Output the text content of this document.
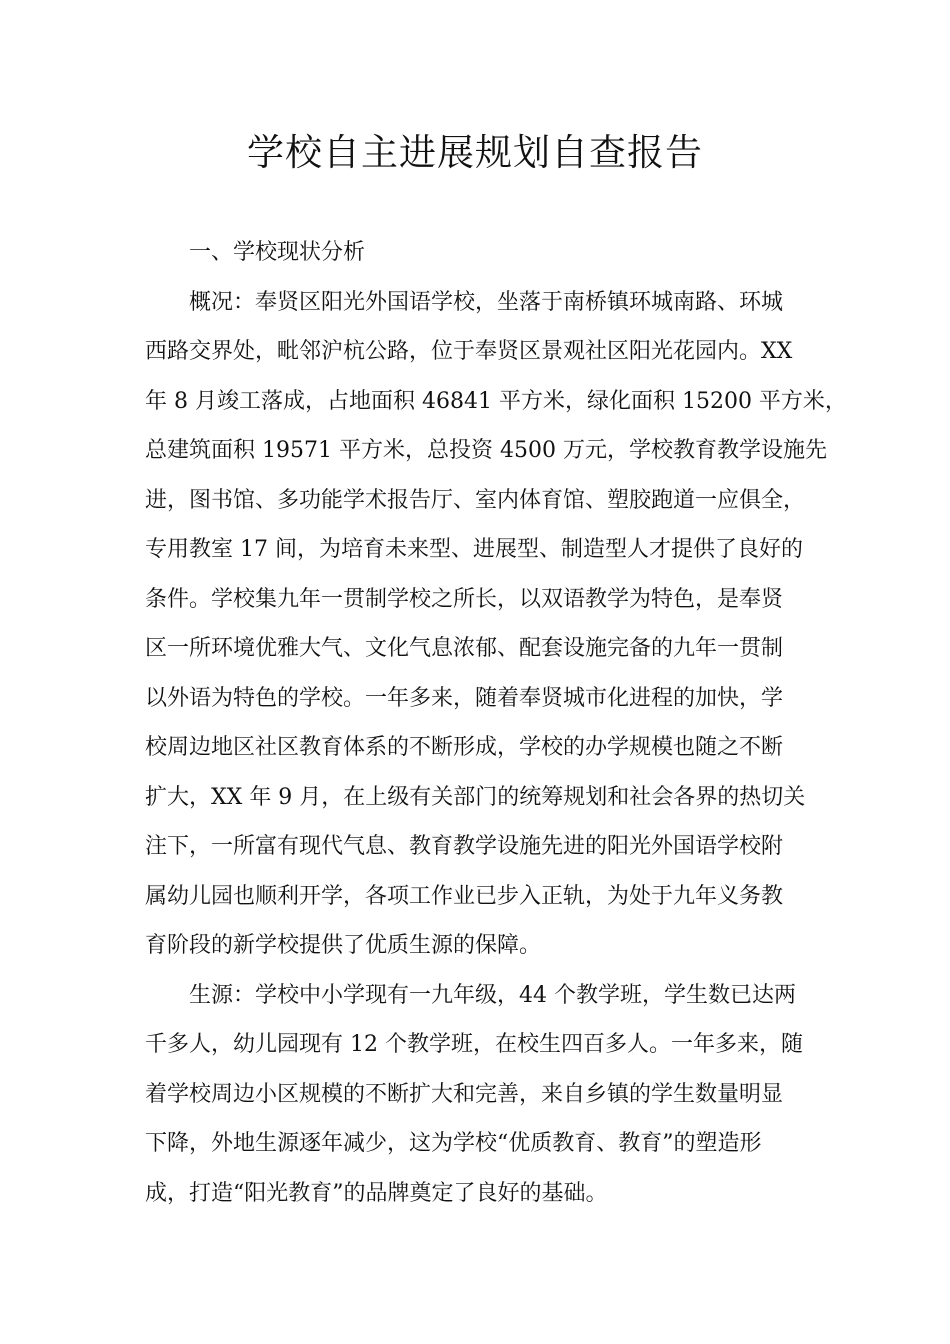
学校自主进展规划自查报告
一、学校现状分析
概况：奉贤区阳光外国语学校，坐落于南桥镇环城南路、环城
西路交界处，毗邻沪杭公路，位于奉贤区景观社区阳光花园内。XX
年 8 月竣工落成，占地面积 46841 平方米，绿化面积 15200 平方米，
总建筑面积 19571 平方米，总投资 4500 万元，学校教育教学设施先
进，图书馆、多功能学术报告厅、室内体育馆、塑胶跑道一应俱全，
专用教室 17 间，为培育未来型、进展型、制造型人才提供了良好的
条件。学校集九年一贯制学校之所长，以双语教学为特色，是奉贤
区一所环境优雅大气、文化气息浓郁、配套设施完备的九年一贯制
以外语为特色的学校。一年多来，随着奉贤城市化进程的加快，学
校周边地区社区教育体系的不断形成，学校的办学规模也随之不断
扩大，XX 年 9 月，在上级有关部门的统筹规划和社会各界的热切关
注下，一所富有现代气息、教育教学设施先进的阳光外国语学校附
属幼儿园也顺利开学，各项工作业已步入正轨，为处于九年义务教
育阶段的新学校提供了优质生源的保障。
生源：学校中小学现有一九年级，44 个教学班，学生数已达两
千多人，幼儿园现有 12 个教学班，在校生四百多人。一年多来，随
着学校周边小区规模的不断扩大和完善，来自乡镇的学生数量明显
下降，外地生源逐年减少，这为学校“优质教育、教育”的塑造形
成，打造“阳光教育”的品牌奠定了良好的基础。
